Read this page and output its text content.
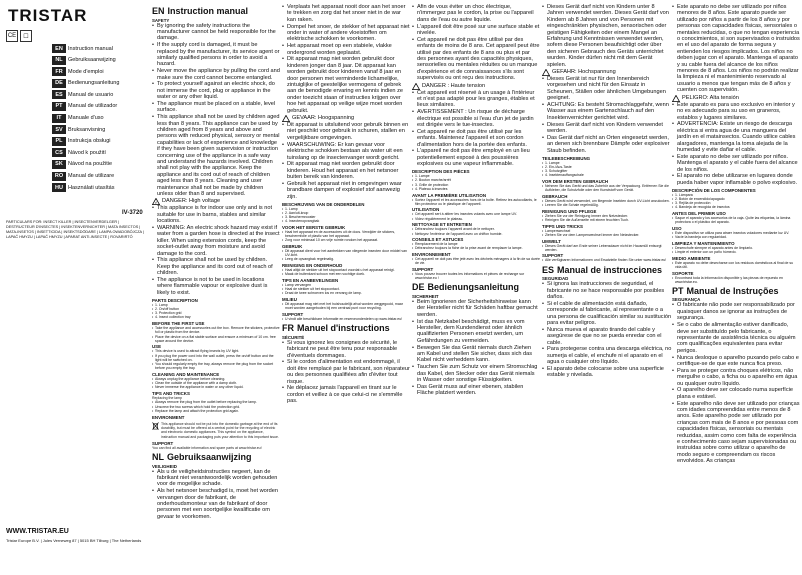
TRISTAR
CE	☐
EN Instruction manual
NL Gebruiksaanwijzing
FR Mode d'emploi
DE Bedienungsanleitung
ES Manual de usuario
PT Manual de utilizador
IT	Manuale d'uso
SV Bruksanvisning
PL Instrukcja obsługi
CS Návod k použití
SK Návod na použitie
RO Manual de utilizare
HU Használati utasítás
IV-3720
PARTICULARS FOR: INSECT KILLER | INSECTENVERDELGER | DESTRUCTEUR D'INSECTES | INSEKTENVERNICHTER | MATA INSECTOS | MATA-INSETOS | INSETTICIDA | INSEKTSDÖDARE | LAMPA OWADOBÓJCZA | LAPAČ HMYZU | LAPAČ HMYZU | APARAT ANTI-INSECTE | ROVARIRTÓ
WWW.TRISTAR.EU
Tristar Europe B.V. | Jules Verneweg 87 | 5015 BH Tilburg | The Netherlands
EN Instruction manual
SAFETY
• By ignoring the safety instructions the manufacturer cannot be held responsible for the damage.
• If the supply cord is damaged, it must be replaced by the manufacturer, its service agent or similarly qualified persons in order to avoid a hazard.
• Never move the appliance by pulling the cord and make sure the cord cannot become entangled.
• To protect yourself against an electric shock, do not immerse the cord, plug or appliance in the water or any other liquid.
• The appliance must be placed on a stable, level surface.
• This appliance shall not be used by children aged less than 8 years. This appliance can be used by children aged from 8 years and above and persons with reduced physical, sensory or mental capabilities or lack of experience and knowledge if they have been given supervision or instruction concerning use of the appliance in a safe way and understand the hazards involved. Children shall not play with the appliance. Keep the appliance and its cord out of reach of children aged less than 8 years. Cleaning and user maintenance shall not be made by children unless older than 8 and supervised.
⚡ DANGER: High voltage
• This appliance is for indoor use only and is not suitable for use in barns, stables and similar locations.
• WARNING: An electric shock hazard may exist if water from a garden hose is directed at the insect killer. When using extension cords, keep the socket-outlet away from moisture and avoid damage to the cord.
• This appliance shall not be used by children. Keep the appliance and its cord out of reach of children.
• The appliance is not to be used in locations where flammable vapour or explosive dust is likely to exist.
PARTS DESCRIPTION
• 1. Lamp
• 2. On/off button
• 3. Protection grid
• 4. Insect collection tray
BEFORE THE FIRST USE
• Take the appliance and accessories out the box. Remove the stickers, protective foil or plastic from the device.
• Place the device on a flat stable surface and ensure a minimum of 10 cm. free space around the device.
USE
• This device is used to attract flying insects by UV light.
• If you plug the power cord into the wall outlet, press the on/off button and the light will be switched on.
• You should regularly empty the tray, always remove the plug from the socket before you empty the tray.
CLEANING AND MAINTENANCE
• Always unplug the appliance before cleaning.
• Clean the outside of the appliance with a damp cloth.
• Never immerse the appliance in water or any other liquid.
TIPS AND TRICKS
Replacing the lamp
• Always remove the plug from the outlet before replacing the lamp.
• Unscrew the two screws which hold the protection grid.
• Replace the lamp and attach the protection grid again.
ENVIRONMENT
This appliance should not be put into the domestic garbage at the end of its durability, but must be offered at a central point for the recycling of electric and electronic domestic appliances. This symbol on the appliance, instruction manual and packaging puts your attention to this important issue.
SUPPORT
You can find all available information and spare parts at www.tristar.eu!
NL Gebruiksaanwijzing
VEILIGHEID
• Als u de veiligheidsinstructies negeert, kan de fabrikant niet verantwoordelijk worden gehouden voor de mogelijke schade.
• Als het netsnoer beschadigd is, moet het worden vervangen door de fabrikant, de onderhoudsmonteur van de fabrikant of door personen met een soortgelijke kwalificatie om gevaar te voorkomen.
• Verplaats het apparaat nooit door aan het snoer te trekken en zorg dat het snoer niet in de war kan raken.
• Dompel het snoer, de stekker of het apparaat niet onder in water of andere vloeistoffen om elektrische schokken te voorkomen.
• Het apparaat moet op een stabiele, vlakke ondergrond worden geplaatst.
• Dit apparaat mag niet worden gebruikt door kinderen jonger dan 8 jaar. Dit apparaat kan worden gebruikt door kinderen vanaf 8 jaar en door personen met verminderde lichamelijke, zintuiglijke of geestelijke vermogens of gebrek aan de benodigde ervaring en kennis indien ze onder toezicht staan of instructies krijgen over hoe het apparaat op veilige wijze moet worden gebruikt.
GEVAAR: Hoogspanning
• Dit apparaat is uitsluitend voor gebruik binnen en niet geschikt voor gebruik in schuren, stallen en vergelijkbare omgevingen.
• WAARSCHUWING: Er kan gevaar voor elektrische schokken bestaan als water uit een tuinslang op de insectenvanger wordt gericht.
• Dit apparaat mag niet worden gebruikt door kinderen. Houd het apparaat en het netsnoer buiten bereik van kinderen.
• Gebruik het apparaat niet in omgevingen waar brandbare dampen of explosief stof aanwezig zijn.
BESCHRIJVING VAN DE ONDERDELEN
• 1. Lamp
• 2. Aan/uit-knop
• 3. Beschermrooster
• 4. Insectenopvangbak
VOOR HET EERSTE GEBRUIK
• Haal het apparaat en de accessoires uit de doos. Verwijder de stickers, beschermfolie of plastic van het apparaat.
• Zorg voor minimaal 10 cm vrije ruimte rondom het apparaat.
GEBRUIK
• Dit apparaat dient voor het aantrekken van vliegende insecten door middel van UV-licht.
• Leeg de opvangbak regelmatig.
REINIGING EN ONDERHOUD
• Haal altijd de stekker uit het stopcontact voordat u het apparaat reinigt.
• Maak de buitenkant schoon met een vochtige doek.
TIPS EN AANBEVELINGEN
• Lamp vervangen
• Haal de stekker uit het stopcontact.
• Draai de twee schroeven los en vervang de lamp.
MILIEU
• Dit apparaat mag niet met het huishoudelijk afval worden weggegooid, maar moet worden aangeboden bij een centraal punt voor recycling.
SUPPORT
• U vindt alle beschikbare informatie en reserveonderdelen op www.tristar.eu!
FR Manuel d'instructions
SÉCURITÉ
• Si vous ignorez les consignes de sécurité, le fabricant ne peut être tenu pour responsable d'éventuels dommages.
• Si le cordon d'alimentation est endommagé, il doit être remplacé par le fabricant, son réparateur ou des personnes qualifiées afin d'éviter tout risque.
• Ne déplacez jamais l'appareil en tirant sur le cordon et veillez à ce que celui-ci ne s'emmêle pas.
• Afin de vous éviter un choc électrique, n'immergez pas le cordon, la prise ou l'appareil dans de l'eau ou autre liquide.
• L'appareil doit être posé sur une surface stable et nivelée.
• Cet appareil ne doit pas être utilisé par des enfants de moins de 8 ans. Cet appareil peut être utilisé par des enfants de 8 ans ou plus et par des personnes ayant des capacités physiques, sensorielles ou mentales réduites ou un manque d'expérience et de connaissances s'ils sont supervisés ou ont reçu des instructions.
DANGER : Haute tension
• Cet appareil est réservé à un usage à l'intérieur et n'est pas adapté pour les granges, étables et lieux similaires.
• AVERTISSEMENT : Un risque de décharge électrique est possible si l'eau d'un jet de jardin est dirigée vers le tue-insectes.
• Cet appareil ne doit pas être utilisé par les enfants. Maintenez l'appareil et son cordon d'alimentation hors de la portée des enfants.
• L'appareil ne doit pas être employé en un lieu potentiellement exposé à des poussières explosives ou une vapeur inflammable.
DESCRIPTION DES PIÈCES
• 1. Lampe
• 2. Bouton marche/arrêt
• 3. Grille de protection
• 4. Plateau à insectes
AVANT LA PREMIÈRE UTILISATION
• Sortez l'appareil et les accessoires hors de la boîte. Retirez les autocollants, le film protecteur ou le plastique de l'appareil.
UTILISATION
• Cet appareil sert à attirer les insectes volants avec une lampe UV.
• Videz régulièrement le plateau.
NETTOYAGE ET ENTRETIEN
• Débranchez toujours l'appareil avant de le nettoyer.
• Nettoyez l'extérieur de l'appareil avec un chiffon humide.
CONSEILS ET ASTUCES
• Remplacement de la lampe
• Débranchez toujours la fiche de la prise avant de remplacer la lampe.
ENVIRONNEMENT
• Cet appareil ne doit pas être jeté avec les déchets ménagers à la fin de sa durée de vie.
SUPPORT
• Vous pouvez trouver toutes les informations et pièces de rechange sur www.tristar.eu !
DE Bedienungsanleitung
SICHERHEIT
• Beim Ignorieren der Sicherheitshinweise kann der Hersteller nicht für Schäden haftbar gemacht werden.
• Ist das Netzkabel beschädigt, muss es vom Hersteller, dem Kundendienst oder ähnlich qualifizierten Personen ersetzt werden, um Gefährdungen zu vermeiden.
• Bewegen Sie das Gerät niemals durch Ziehen am Kabel und stellen Sie sicher, dass sich das Kabel nicht verheddern kann.
• Tauchen Sie zum Schutz vor einem Stromschlag das Kabel, den Stecker oder das Gerät niemals in Wasser oder sonstige Flüssigkeiten.
• Das Gerät muss auf einer ebenen, stabilen Fläche platziert werden.
• Dieses Gerät darf nicht von Kindern unter 8 Jahren verwendet werden. Dieses Gerät darf von Kindern ab 8 Jahren und von Personen mit eingeschränkten physischen, sensorischen oder geistigen Fähigkeiten oder einem Mangel an Erfahrung und Kenntnissen verwendet werden, sofern diese Personen beaufsichtigt oder über den sicheren Gebrauch des Geräts unterrichtet wurden. Kinder dürfen nicht mit dem Gerät spielen.
GEFAHR: Hochspannung
• Dieses Gerät ist nur für den Innenbereich vorgesehen und nicht für den Einsatz in Scheunen, Ställen oder ähnlichen Umgebungen geeignet.
• ACHTUNG: Es besteht Stromschlaggefahr, wenn Wasser aus einem Gartenschlauch auf den Insektenvernichter gerichtet wird.
• Dieses Gerät darf nicht von Kindern verwendet werden.
• Das Gerät darf nicht an Orten eingesetzt werden, an denen sich brennbare Dämpfe oder explosiver Staub befinden.
TEILEBESCHREIBUNG
• 1. Lampe
• 2. Ein-/Aus-Taste
• 3. Schutzgitter
• 4. Insektenauffangschale
VOR DEM ERSTEN GEBRAUCH
• Nehmen Sie das Gerät und das Zubehör aus der Verpackung. Entfernen Sie die Aufkleber, die Schutzfolie oder den Kunststoff vom Gerät.
GEBRAUCH
• Dieses Gerät wird verwendet, um fliegende Insekten durch UV-Licht anzulocken.
• Leeren Sie die Schale regelmäßig.
REINIGUNG UND PFLEGE
• Ziehen Sie vor der Reinigung immer den Netzstecker.
• Reinigen Sie die Außenseite mit einem feuchten Tuch.
TIPPS UND TRICKS
• Lampenwechsel
• Ziehen Sie vor dem Lampenwechsel immer den Netzstecker.
UMWELT
• Dieses Gerät darf am Ende seiner Lebensdauer nicht im Hausmüll entsorgt werden.
SUPPORT
• Alle verfügbaren Informationen und Ersatzteile finden Sie unter www.tristar.eu!
ES Manual de instrucciones
SEGURIDAD
• Si ignora las instrucciones de seguridad, el fabricante no se hace responsable por posibles daños.
• Si el cable de alimentación está dañado, corresponde al fabricante, al representante o a una persona de cualificación similar su sustitución para evitar peligros.
• Nunca mueva el aparato tirando del cable y asegúrese de que no se pueda enredar con el cable.
• Para protegerse contra una descarga eléctrica, no sumerja el cable, el enchufe ni el aparato en el agua o cualquier otro líquido.
• El aparato debe colocarse sobre una superficie estable y nivelada.
• Este aparato no debe ser utilizado por niños menores de 8 años. Este aparato puede ser utilizado por niños a partir de los 8 años y por personas con capacidades físicas, sensoriales o mentales reducidas, o que no tengan experiencia o conocimientos, si son supervisados o instruidos en el uso del aparato de forma segura y entienden los riesgos implicados. Los niños no deben jugar con el aparato. Mantenga el aparato y su cable fuera del alcance de los niños menores de 8 años. Los niños no podrán realizar la limpieza ni el mantenimiento reservado al usuario a menos que tengan más de 8 años y cuenten con supervisión.
PELIGRO: Alta tensión
• Este aparato es para uso exclusivo en interior y no es adecuado para su uso en graneros, establos y lugares similares.
• ADVERTENCIA: Existe un riesgo de descarga eléctrica si entra agua de una manguera del jardín en el matainsectos. Cuando utilice cables alargadores, mantenga la toma alejada de la humedad y evite dañar el cable.
• Este aparato no debe ser utilizado por niños. Mantenga el aparato y el cable fuera del alcance de los niños.
• El aparato no debe utilizarse en lugares donde pueda haber vapor inflamable o polvo explosivo.
DESCRIPCIÓN DE LOS COMPONENTES
• 1. Lámpara
• 2. Botón de encendido/apagado
• 3. Rejilla de protección
• 4. Bandeja de recogida de insectos
ANTES DEL PRIMER USO
• Saque el aparato y los accesorios de la caja. Quite las etiquetas, la lámina protectora o el plástico del aparato.
USO
• Este dispositivo se utiliza para atraer insectos voladores mediante luz UV.
• Vacíe la bandeja con regularidad.
LIMPIEZA Y MANTENIMIENTO
• Desenchufe siempre el aparato antes de limpiarlo.
• Limpie el exterior con un paño húmedo.
MEDIO AMBIENTE
• Este aparato no debe desecharse con los residuos domésticos al final de su vida útil.
SOPORTE
• Encontrará toda la información disponible y las piezas de repuesto en www.tristar.eu.
PT Manual de Instruções
SEGURANÇA
• O fabricante não pode ser responsabilizado por quaisquer danos se ignorar as instruções de segurança.
• Se o cabo de alimentação estiver danificado, deve ser substituído pelo fabricante, o representante de assistência técnica ou alguém com qualificações equivalentes para evitar perigos.
• Nunca desloque o aparelho puxando pelo cabo e certifique-se de que este nunca fica preso.
• Para se proteger contra choques elétricos, não mergulhe o cabo, a ficha ou o aparelho em água ou qualquer outro líquido.
• O aparelho deve ser colocado numa superfície plana e estável.
• Este aparelho não deve ser utilizado por crianças com idades compreendidas entre menos de 8 anos. Este aparelho pode ser utilizado por crianças com mais de 8 anos e por pessoas com capacidades físicas, sensoriais ou mentais reduzidas, assim como com falta de experiência e conhecimento caso sejam supervisionadas ou instruídas sobre como utilizar o aparelho de modo seguro e compreendam os riscos envolvidos. As crianças
